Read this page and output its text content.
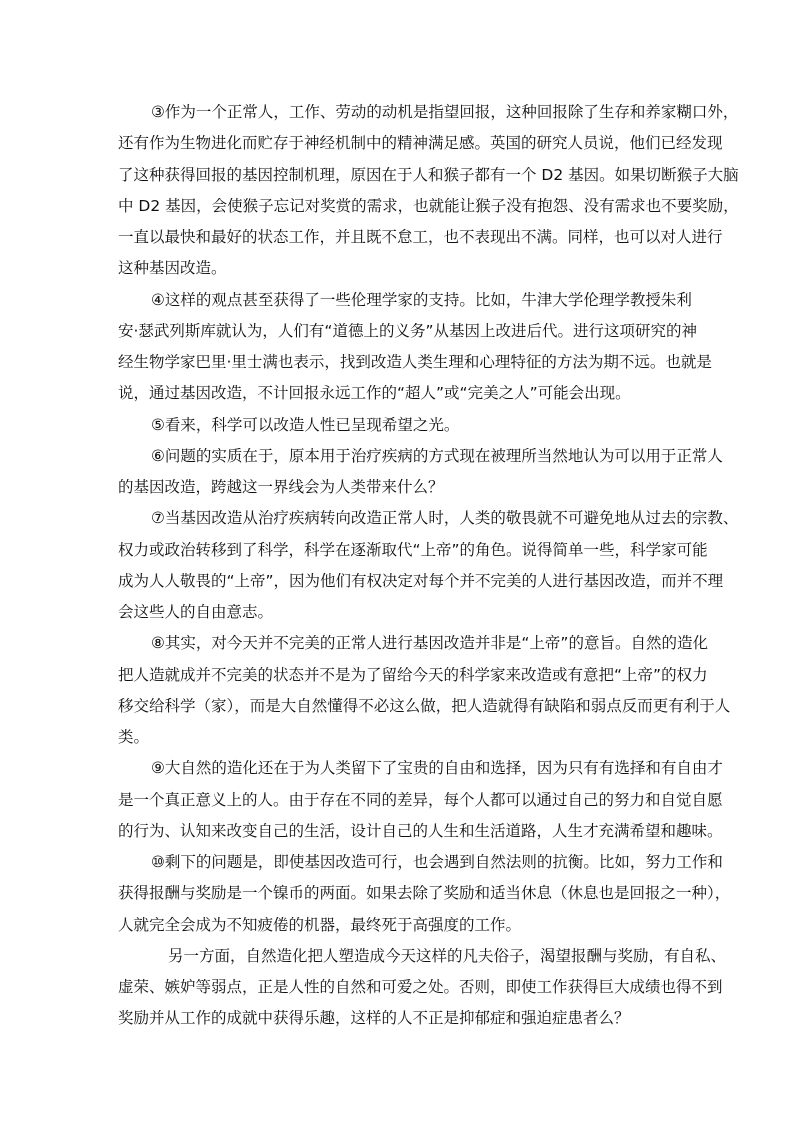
③作为一个正常人，工作、劳动的动机是指望回报，这种回报除了生存和养家糊口外，
还有作为生物进化而贮存于神经机制中的精神满足感。英国的研究人员说，他们已经发现
了这种获得回报的基因控制机理，原因在于人和猴子都有一个 D2 基因。如果切断猴子大脑
中 D2 基因，会使猴子忘记对奖赏的需求，也就能让猴子没有抱怨、没有需求也不要奖励，
一直以最快和最好的状态工作，并且既不怠工，也不表现出不满。同样，也可以对人进行
这种基因改造。
④这样的观点甚至获得了一些伦理学家的支持。比如，牛津大学伦理学教授朱利
安·瑟武列斯库就认为，人们有“道德上的义务”从基因上改进后代。进行这项研究的神
经生物学家巴里·里士满也表示，找到改造人类生理和心理特征的方法为期不远。也就是
说，通过基因改造，不计回报永远工作的“超人”或“完美之人”可能会出现。
⑤看来，科学可以改造人性已呈现希望之光。
⑥问题的实质在于，原本用于治疗疾病的方式现在被理所当然地认为可以用于正常人
的基因改造，跨越这一界线会为人类带来什么？
⑦当基因改造从治疗疾病转向改造正常人时，人类的敬畏就不可避免地从过去的宗教、
权力或政治转移到了科学，科学在逐渐取代“上帝”的角色。说得简单一些，科学家可能
成为人人敬畏的“上帝”，因为他们有权决定对每个并不完美的人进行基因改造，而并不理
会这些人的自由意志。
⑧其实，对今天并不完美的正常人进行基因改造并非是“上帝”的意旨。自然的造化
把人造就成并不完美的状态并不是为了留给今天的科学家来改造或有意把“上帝”的权力
移交给科学（家），而是大自然懂得不必这么做，把人造就得有缺陷和弱点反而更有利于人
类。
⑨大自然的造化还在于为人类留下了宝贵的自由和选择，因为只有有选择和有自由才
是一个真正意义上的人。由于存在不同的差异，每个人都可以通过自己的努力和自觉自愿
的行为、认知来改变自己的生活，设计自己的人生和生活道路，人生才充满希望和趣味。
⑩剩下的问题是，即使基因改造可行，也会遇到自然法则的抗衡。比如，努力工作和
获得报酬与奖励是一个镍币的两面。如果去除了奖励和适当休息（休息也是回报之一种），
人就完全会成为不知疲倦的机器，最终死于高强度的工作。
另一方面，自然造化把人塑造成今天这样的凡夫俗子，渴望报酬与奖励，有自私、
虚荣、嫉妒等弱点，正是人性的自然和可爱之处。否则，即使工作获得巨大成绩也得不到
奖励并从工作的成就中获得乐趣，这样的人不正是抑郁症和强迫症患者么？
